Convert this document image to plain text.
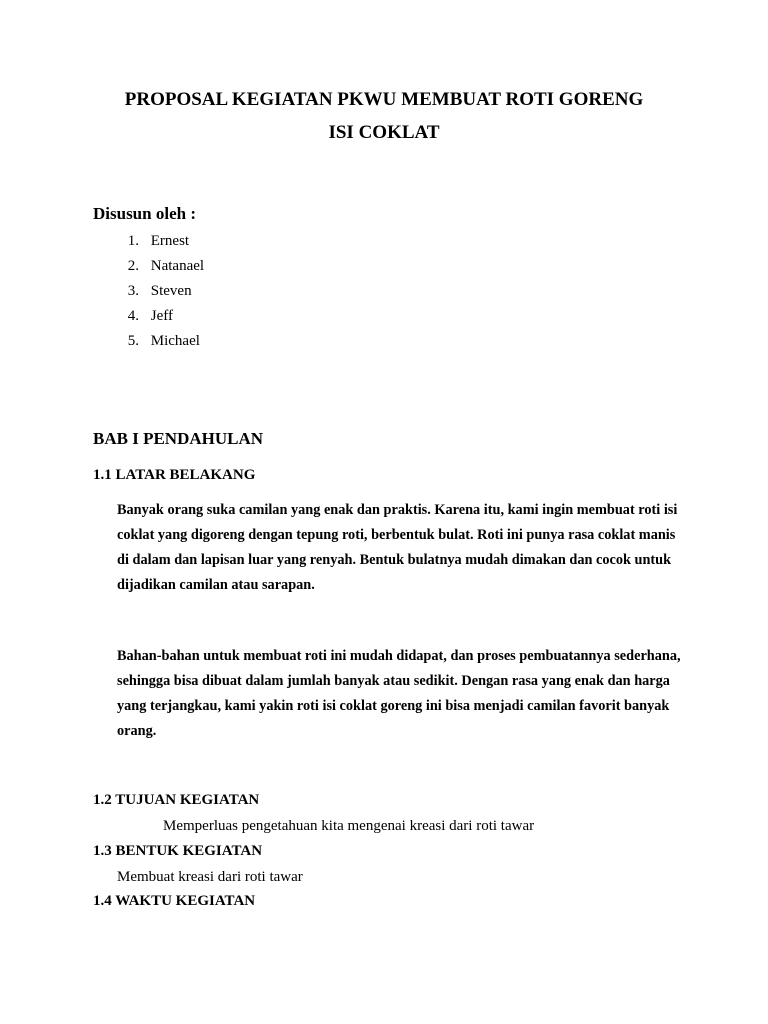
PROPOSAL KEGIATAN PKWU MEMBUAT ROTI GORENG
ISI COKLAT
Disusun oleh :
1. Ernest
2. Natanael
3. Steven
4. Jeff
5. Michael
BAB I PENDAHULAN
1.1 LATAR BELAKANG

Banyak orang suka camilan yang enak dan praktis. Karena itu, kami ingin membuat roti isi coklat yang digoreng dengan tepung roti, berbentuk bulat. Roti ini punya rasa coklat manis di dalam dan lapisan luar yang renyah. Bentuk bulatnya mudah dimakan dan cocok untuk dijadikan camilan atau sarapan.

Bahan-bahan untuk membuat roti ini mudah didapat, dan proses pembuatannya sederhana, sehingga bisa dibuat dalam jumlah banyak atau sedikit. Dengan rasa yang enak dan harga yang terjangkau, kami yakin roti isi coklat goreng ini bisa menjadi camilan favorit banyak orang.

1.2 TUJUAN KEGIATAN

Memperluas pengetahuan kita mengenai kreasi dari roti tawar

1.3 BENTUK KEGIATAN

Membuat kreasi dari roti tawar

1.4 WAKTU KEGIATAN
